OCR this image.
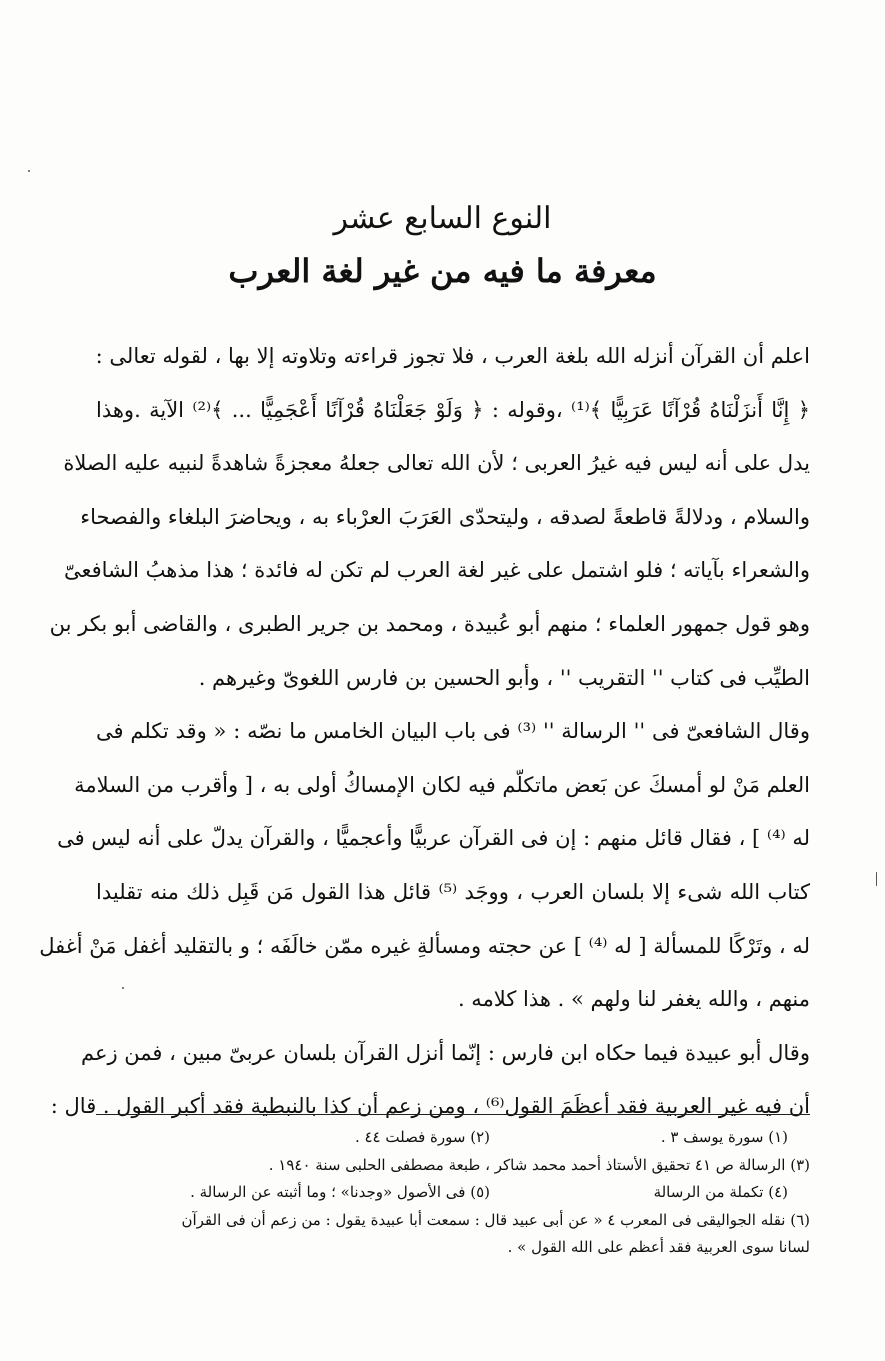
النوع السابع عشر
معرفة ما فيه من غير لغة العرب
اعلم أن القرآن أنزله الله بلغة العرب ، فلا تجوز قراءته وتلاوته إلا بها ، لقوله تعالى :
﴿ إِنَّا أَنزَلْنَاهُ قُرْآنًا عَرَبِيًّا ﴾⁽¹⁾ ،وقوله : ﴿ وَلَوْ جَعَلْنَاهُ قُرْآنًا أَعْجَمِيًّا ... ﴾⁽²⁾ الآية .وهذا
يدل على أنه ليس فيه غيرُ العربى ؛ لأن الله تعالى جعلهُ معجزةً شاهدةً لنبيه عليه الصلاة
والسلام ، ودلالةً قاطعةً لصدقه ، وليتحدّى العَرَبَ العرْباء به ، ويحاضرَ البلغاء والفصحاء
والشعراء بآياته ؛ فلو اشتمل على غير لغة العرب لم تكن له فائدة ؛ هذا مذهبُ الشافعىّ
وهو قول جمهور العلماء ؛ منهم أبو عُبيدة ، ومحمد بن جرير الطبرى ، والقاضى أبو بكر بن
الطيِّب فى كتاب '' التقريب '' ، وأبو الحسين بن فارس اللغوىّ وغيرهم .
وقال الشافعىّ فى '' الرسالة '' ⁽³⁾ فى باب البيان الخامس ما نصّه : « وقد تكلم فى
العلم مَنْ لو أمسكَ عن بَعض ماتكلّم فيه لكان الإمساكُ أولى به ، [ وأقرب من السلامة
له ⁽⁴⁾ ] ، فقال قائل منهم : إن فى القرآن عربيًّا وأعجميًّا ، والقرآن يدلّ على أنه ليس فى
كتاب الله شىء إلا بلسان العرب ، ووجَد ⁽⁵⁾ قائل هذا القول مَن قَبِل ذلك منه تقليدا
له ، وتَرْكًا للمسألة [ له ⁽⁴⁾ ] عن حجته ومسألةِ غيره ممّن خالَفَه ؛ و بالتقليد أغفل مَنْ أغفل
منهم ، والله يغفر لنا ولهم » . هذا كلامه .
وقال أبو عبيدة فيما حكاه ابن فارس : إنّما أنزل القرآن بلسان عربىّ مبين ، فمن زعم
أن فيه غير العربية فقد أعظَمَ القول⁽⁶⁾ ، ومن زعم أن كذا بالنبطية فقد أكبر القول . قال :
(١) سورة يوسف ٣ .
(٢) سورة فصلت ٤٤ .
(٣) الرسالة ص ٤١ تحقيق الأستاذ أحمد محمد شاكر ، طبعة مصطفى الحلبى سنة ١٩٤٠ .
(٤) تكملة من الرسالة
(٥) فى الأصول «وجدنا» ؛ وما أثبته عن الرسالة .
(٦) نقله الجواليقى فى المعرب ٤ « عن أبى عبيد قال : سمعت أبا عبيدة يقول : من زعم أن فى القرآن
لسانا سوى العربية فقد أعظم على الله القول » .
